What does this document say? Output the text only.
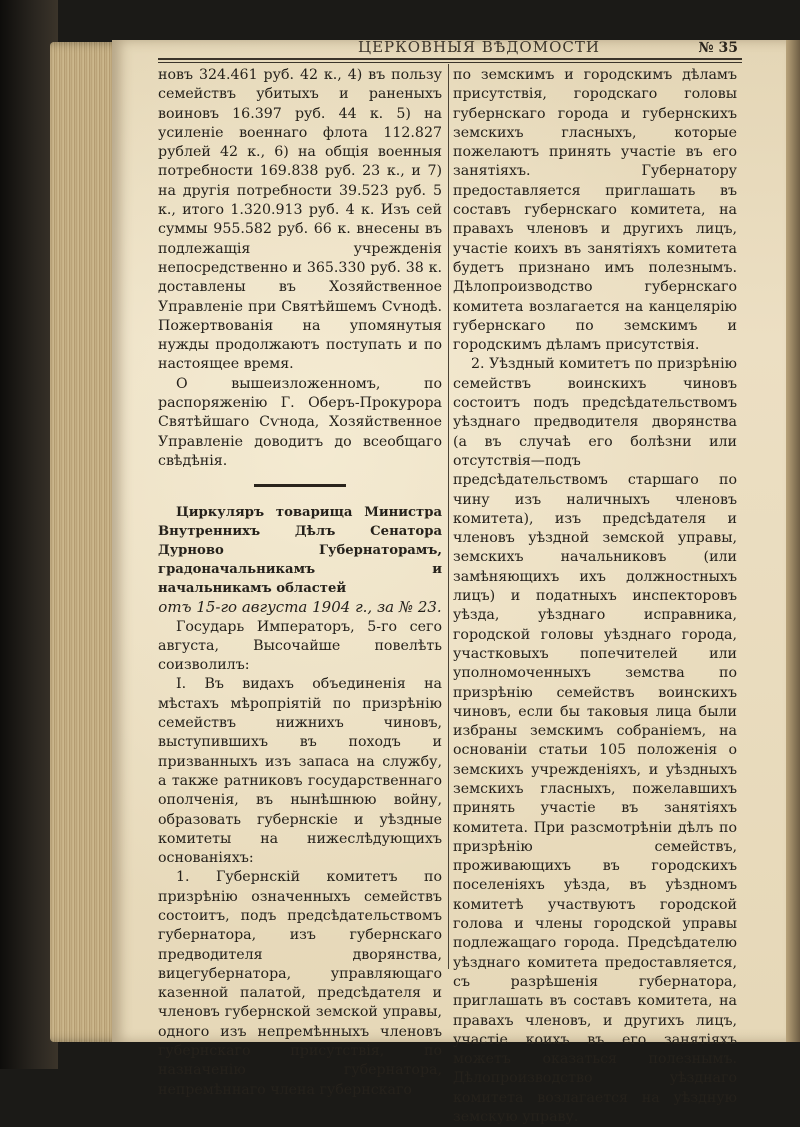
ЦЕРКОВНЫЯ ВѢДОМОСТИ	№ 35

новъ 324.461 руб. 42 к., 4) въ пользу семействъ убитыхъ и раненыхъ воиновъ 16.397 руб. 44 к. 5) на усиленіе военнаго флота 112.827 рублей 42 к., 6) на общія военныя потребности 169.838 руб. 23 к., и 7) на другія потребности 39.523 руб. 5 к., итого 1.320.913 руб. 4 к. Изъ сей суммы 955.582 руб. 66 к. внесены въ подлежащія учрежденія непосредственно и 365.330 руб. 38 к. доставлены въ Хозяйственное Управленіе при Святѣйшемъ Сѵнодѣ. Пожертвованія на упомянутыя нужды продолжаютъ поступать и по настоящее время.

О вышеизложенномъ, по распоряженію Г. Оберъ-Прокурора Святѣйшаго Сѵнода, Хозяйственное Управленіе доводитъ до всеобщаго свѣдѣнія.

Циркуляръ товарища Министра Внутреннихъ Дѣлъ Сенатора Дурново Губернаторамъ, градоначальникамъ и начальникамъ областей

отъ 15-го августа 1904 г., за № 23.

Государь Императоръ, 5-го сего августа, Высочайше повелѣть соизволилъ:

I. Въ видахъ объединенія на мѣстахъ мѣропріятій по призрѣнію семействъ нижнихъ чиновъ, выступившихъ въ походъ и призванныхъ изъ запаса на службу, а также ратниковъ государственнаго ополченія, въ нынѣшнюю войну, образовать губернскіе и уѣздные комитеты на нижеслѣдующихъ основаніяхъ:

1. Губернскій комитетъ по призрѣнію означенныхъ семействъ состоитъ, подъ предсѣдательствомъ губернатора, изъ губернскаго предводителя дворянства, вицегубернатора, управляющаго казенной палатой, предсѣдателя и членовъ губернской земской управы, одного изъ непремѣнныхъ членовъ губернскаго присутствія, по назначенію губернатора, непремѣннаго члена губернскаго

по земскимъ и городскимъ дѣламъ присутствія, городскаго головы губернскаго города и губернскихъ земскихъ гласныхъ, которые пожелаютъ принять участіе въ его занятіяхъ. Губернатору предоставляется приглашать въ составъ губернскаго комитета, на правахъ членовъ и другихъ лицъ, участіе коихъ въ занятіяхъ комитета будетъ признано имъ полезнымъ. Дѣлопроизводство губернскаго комитета возлагается на канцелярію губернскаго по земскимъ и городскимъ дѣламъ присутствія.

2. Уѣздный комитетъ по призрѣнію семействъ воинскихъ чиновъ состоитъ подъ предсѣдательствомъ уѣзднаго предводителя дворянства (а въ случаѣ его болѣзни или отсутствія—подъ предсѣдательствомъ старшаго по чину изъ наличныхъ членовъ комитета), изъ предсѣдателя и членовъ уѣздной земской управы, земскихъ начальниковъ (или замѣняющихъ ихъ должностныхъ лицъ) и податныхъ инспекторовъ уѣзда, уѣзднаго исправника, городской головы уѣзднаго города, участковыхъ попечителей или уполномоченныхъ земства по призрѣнію семействъ воинскихъ чиновъ, если бы таковыя лица были избраны земскимъ собраніемъ, на основаніи статьи 105 положенія о земскихъ учрежденіяхъ, и уѣздныхъ земскихъ гласныхъ, пожелавшихъ принять участіе въ занятіяхъ комитета. При разсмотрѣніи дѣлъ по призрѣнію семействъ, проживающихъ въ городскихъ поселеніяхъ уѣзда, въ уѣздномъ комитетѣ участвуютъ городской голова и члены городской управы подлежащаго города. Предсѣдателю уѣзднаго комитета предоставляется, съ разрѣшенія губернатора, приглашать въ составъ комитета, на правахъ членовъ, и другихъ лицъ, участіе коихъ въ его занятіяхъ можетъ оказаться полезнымъ. Дѣлопроизводство уѣзднаго комитета возлагается на уѣздную земскую управу.
